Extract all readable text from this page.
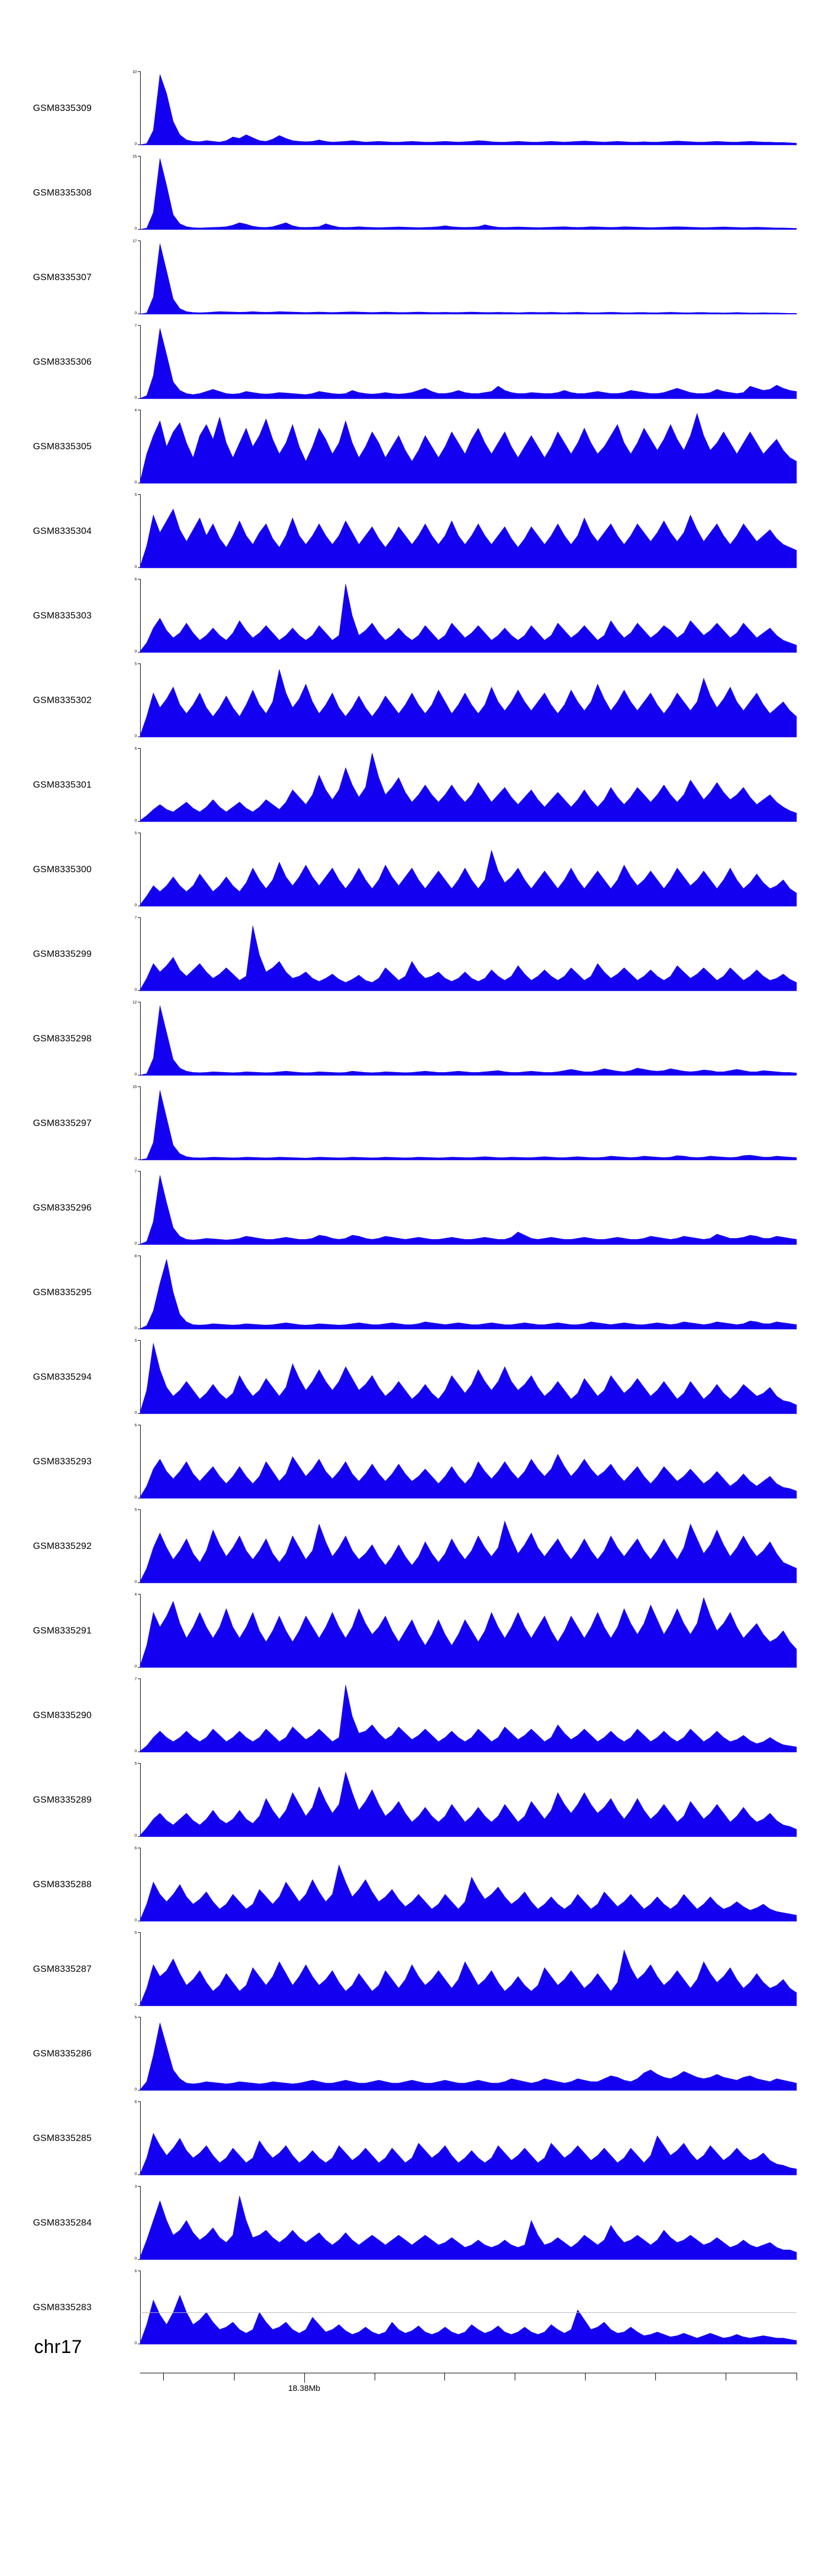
GSM8335309
10
0
GSM8335308
15
0
GSM8335307
17
0
GSM8335306
7
0
GSM8335305
4
0
GSM8335304
5
0
GSM8335303
6
0
GSM8335302
5
0
GSM8335301
6
0
GSM8335300
5
0
GSM8335299
7
0
GSM8335298
12
0
GSM8335297
15
0
GSM8335296
7
0
GSM8335295
8
0
GSM8335294
5
0
GSM8335293
6
0
GSM8335292
5
0
GSM8335291
4
0
GSM8335290
7
0
GSM8335289
5
0
GSM8335288
6
0
GSM8335287
5
0
GSM8335286
5
0
GSM8335285
6
0
GSM8335284
3
0
GSM8335283
6
0
chr17
18.38Mb
